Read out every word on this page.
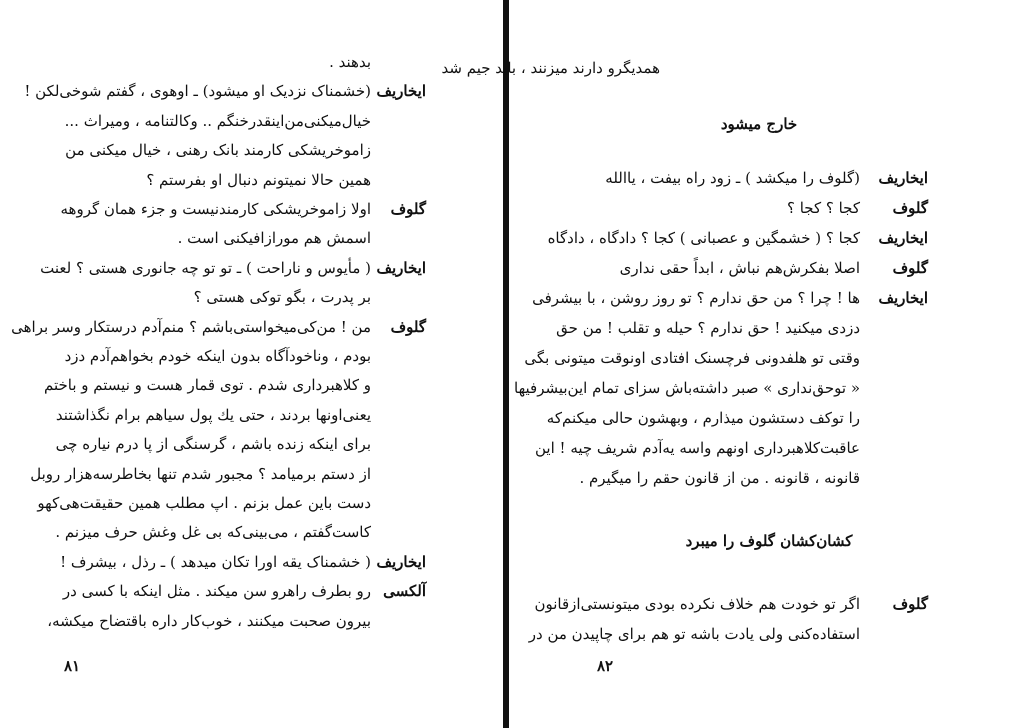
بدهند .
ایخاریف
(خشمناک نزدیک او میشود) ـ اوهوی ، گفتم شوخی‌لکن !
خیال‌میکنی‌من‌اینقدرخنگم .. وکالتنامه ، ومیراث ...
زاموخریشکی کارمند بانک رهنی ، خیال میکنی من
همین حالا نمیتونم دنبال او بفرستم ؟
گلوف
اولا زاموخریشکی کارمندنیست و جزء همان گروهه
اسمش هم مورازافیکنی است .
ایخاریف
( مأیوس و ناراحت ) ـ تو تو چه جانوری هستی ؟ لعنت
بر پدرت ، بگو توکی هستی ؟
گلوف
من ! من‌کی‌میخواستی‌باشم ؟ منم‌آدم درستکار وسر براهی
بودم ، وناخودآگاه بدون اینکه خودم بخواهم‌آدم دزد
و کلاهبرداری شدم . توی قمار هست و نیستم و باختم
یعنی‌اونها بردند ، حتی یك پول سیاهم برام نگذاشتند
برای اینکه زنده باشم ، گرسنگی از پا درم نیاره چی
از دستم برمیامد ؟ مجبور شدم تنها بخاطرسه‌هزار روبل
دست باین عمل بزنم . اپ مطلب همین حقیقت‌هی‌کهو
کاست‌گفتم ، می‌بینی‌که بی غل وغش حرف میزنم .
ایخاریف
( خشمناک یقه اورا تکان میدهد ) ـ رذل ، بیشرف !
آلکسی
رو بطرف راهرو سن میکند . مثل اینکه با کسی در
بیرون صحبت میکنند ، خوب‌کار داره باقتضاح میکشه،
۸۱
همدیگرو دارند میزنند ، باید جیم شد
خارج میشود
ایخاریف
(گلوف را میکشد ) ـ زود راه بیفت ، یاالله
گلوف
کجا ؟ کجا ؟
ایخاریف
کجا ؟ ( خشمگین و عصبانی ) کجا ؟ دادگاه ، دادگاه
گلوف
اصلا بفکرش‌هم نباش ، ابداً حقی نداری
ایخاریف
ها ! چرا ؟ من حق ندارم ؟ تو روز روشن ، با بیشرفی
دزدی میکنید ! حق ندارم ؟ حیله و تقلب ! من حق
وقتی تو هلفدونی فرچسنک افتادی اونوقت میتونی بگی
« توحق‌نداری » صبر داشته‌باش سزای تمام این‌بیشرفیها
را توکف دستشون میذارم ، وبهشون حالی میکنم‌که
عاقبت‌کلاهبرداری اونهم واسه یه‌آدم شریف چیه ! این
قانونه ، قانونه . من از قانون حقم را میگیرم .
کشان‌کشان گلوف را میبرد
گلوف
اگر تو خودت هم خلاف نکرده بودی میتونستی‌ازقانون
استفاده‌کنی ولی یادت باشه تو هم برای چاپیدن من در
۸۲
